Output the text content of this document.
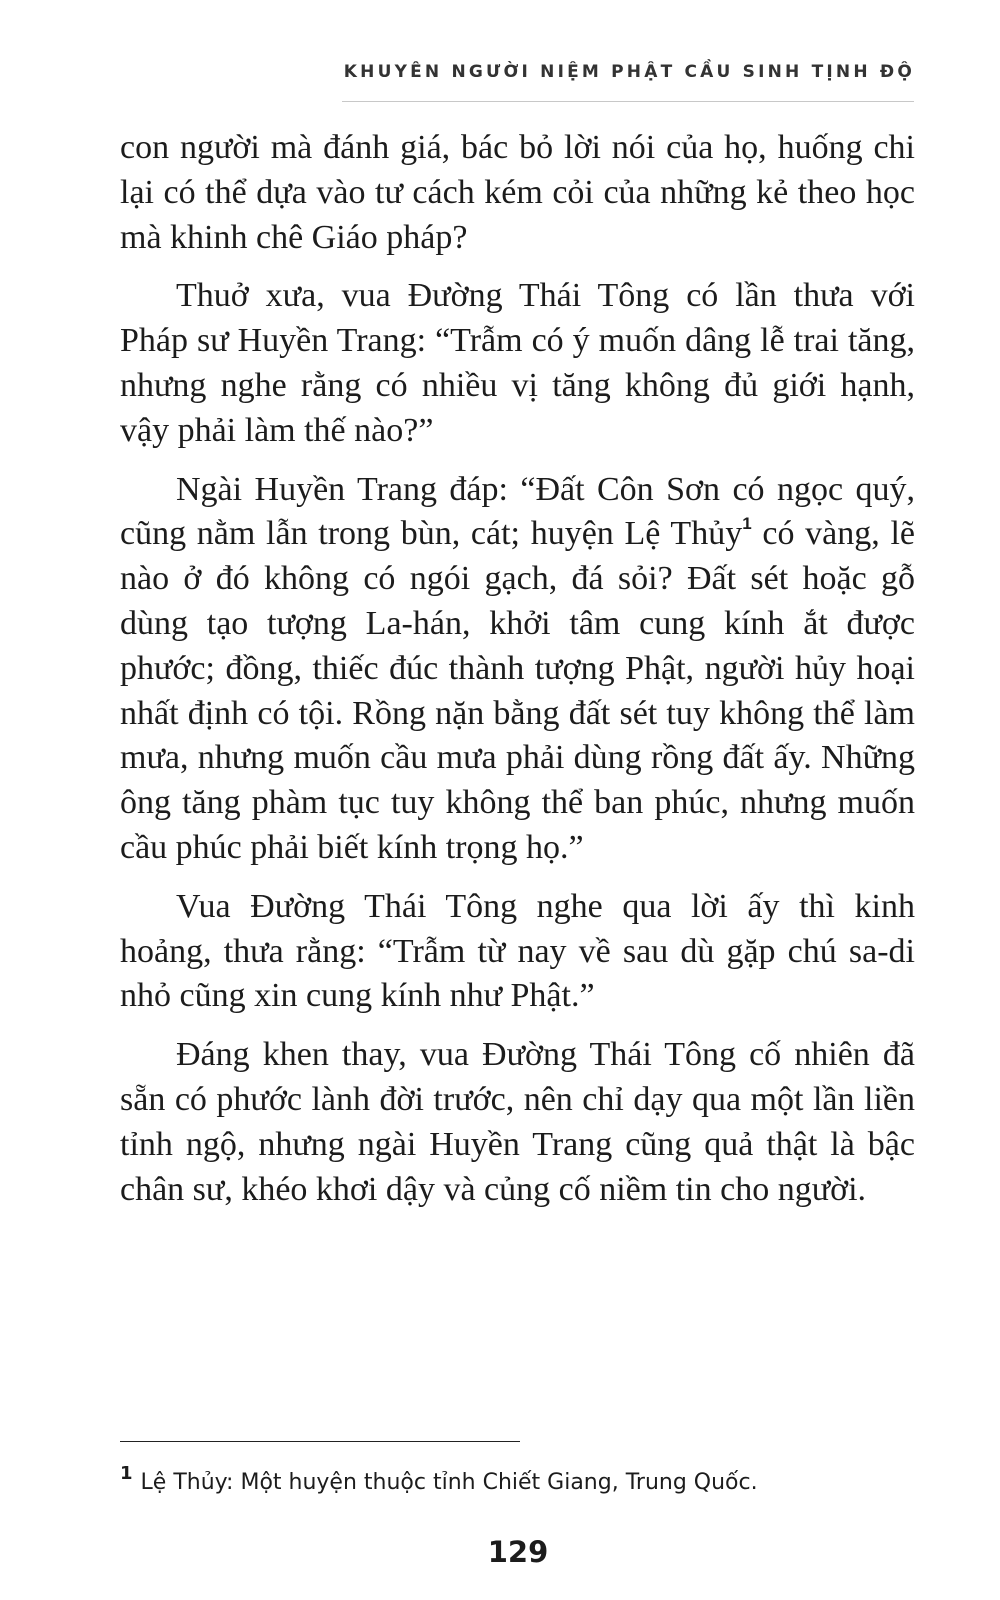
KHUYÊN NGƯỜI NIỆM PHẬT CẦU SINH TỊNH ĐỘ

con người mà đánh giá, bác bỏ lời nói của họ, huống chi lại có thể dựa vào tư cách kém cỏi của những kẻ theo học mà khinh chê Giáo pháp?

Thuở xưa, vua Đường Thái Tông có lần thưa với Pháp sư Huyền Trang: “Trẫm có ý muốn dâng lễ trai tăng, nhưng nghe rằng có nhiều vị tăng không đủ giới hạnh, vậy phải làm thế nào?”

Ngài Huyền Trang đáp: “Đất Côn Sơn có ngọc quý, cũng nằm lẫn trong bùn, cát; huyện Lệ Thủy$^1$ có vàng, lẽ nào ở đó không có ngói gạch, đá sỏi? Đất sét hoặc gỗ dùng tạo tượng La-hán, khởi tâm cung kính ắt được phước; đồng, thiếc đúc thành tượng Phật, người hủy hoại nhất định có tội. Rồng nặn bằng đất sét tuy không thể làm mưa, nhưng muốn cầu mưa phải dùng rồng đất ấy. Những ông tăng phàm tục tuy không thể ban phúc, nhưng muốn cầu phúc phải biết kính trọng họ.”

Vua Đường Thái Tông nghe qua lời ấy thì kinh hoảng, thưa rằng: “Trẫm từ nay về sau dù gặp chú sa-di nhỏ cũng xin cung kính như Phật.”

Đáng khen thay, vua Đường Thái Tông cố nhiên đã sẵn có phước lành đời trước, nên chỉ dạy qua một lần liền tỉnh ngộ, nhưng ngài Huyền Trang cũng quả thật là bậc chân sư, khéo khơi dậy và củng cố niềm tin cho người.

$^1$ Lệ Thủy: Một huyện thuộc tỉnh Chiết Giang, Trung Quốc.
129
